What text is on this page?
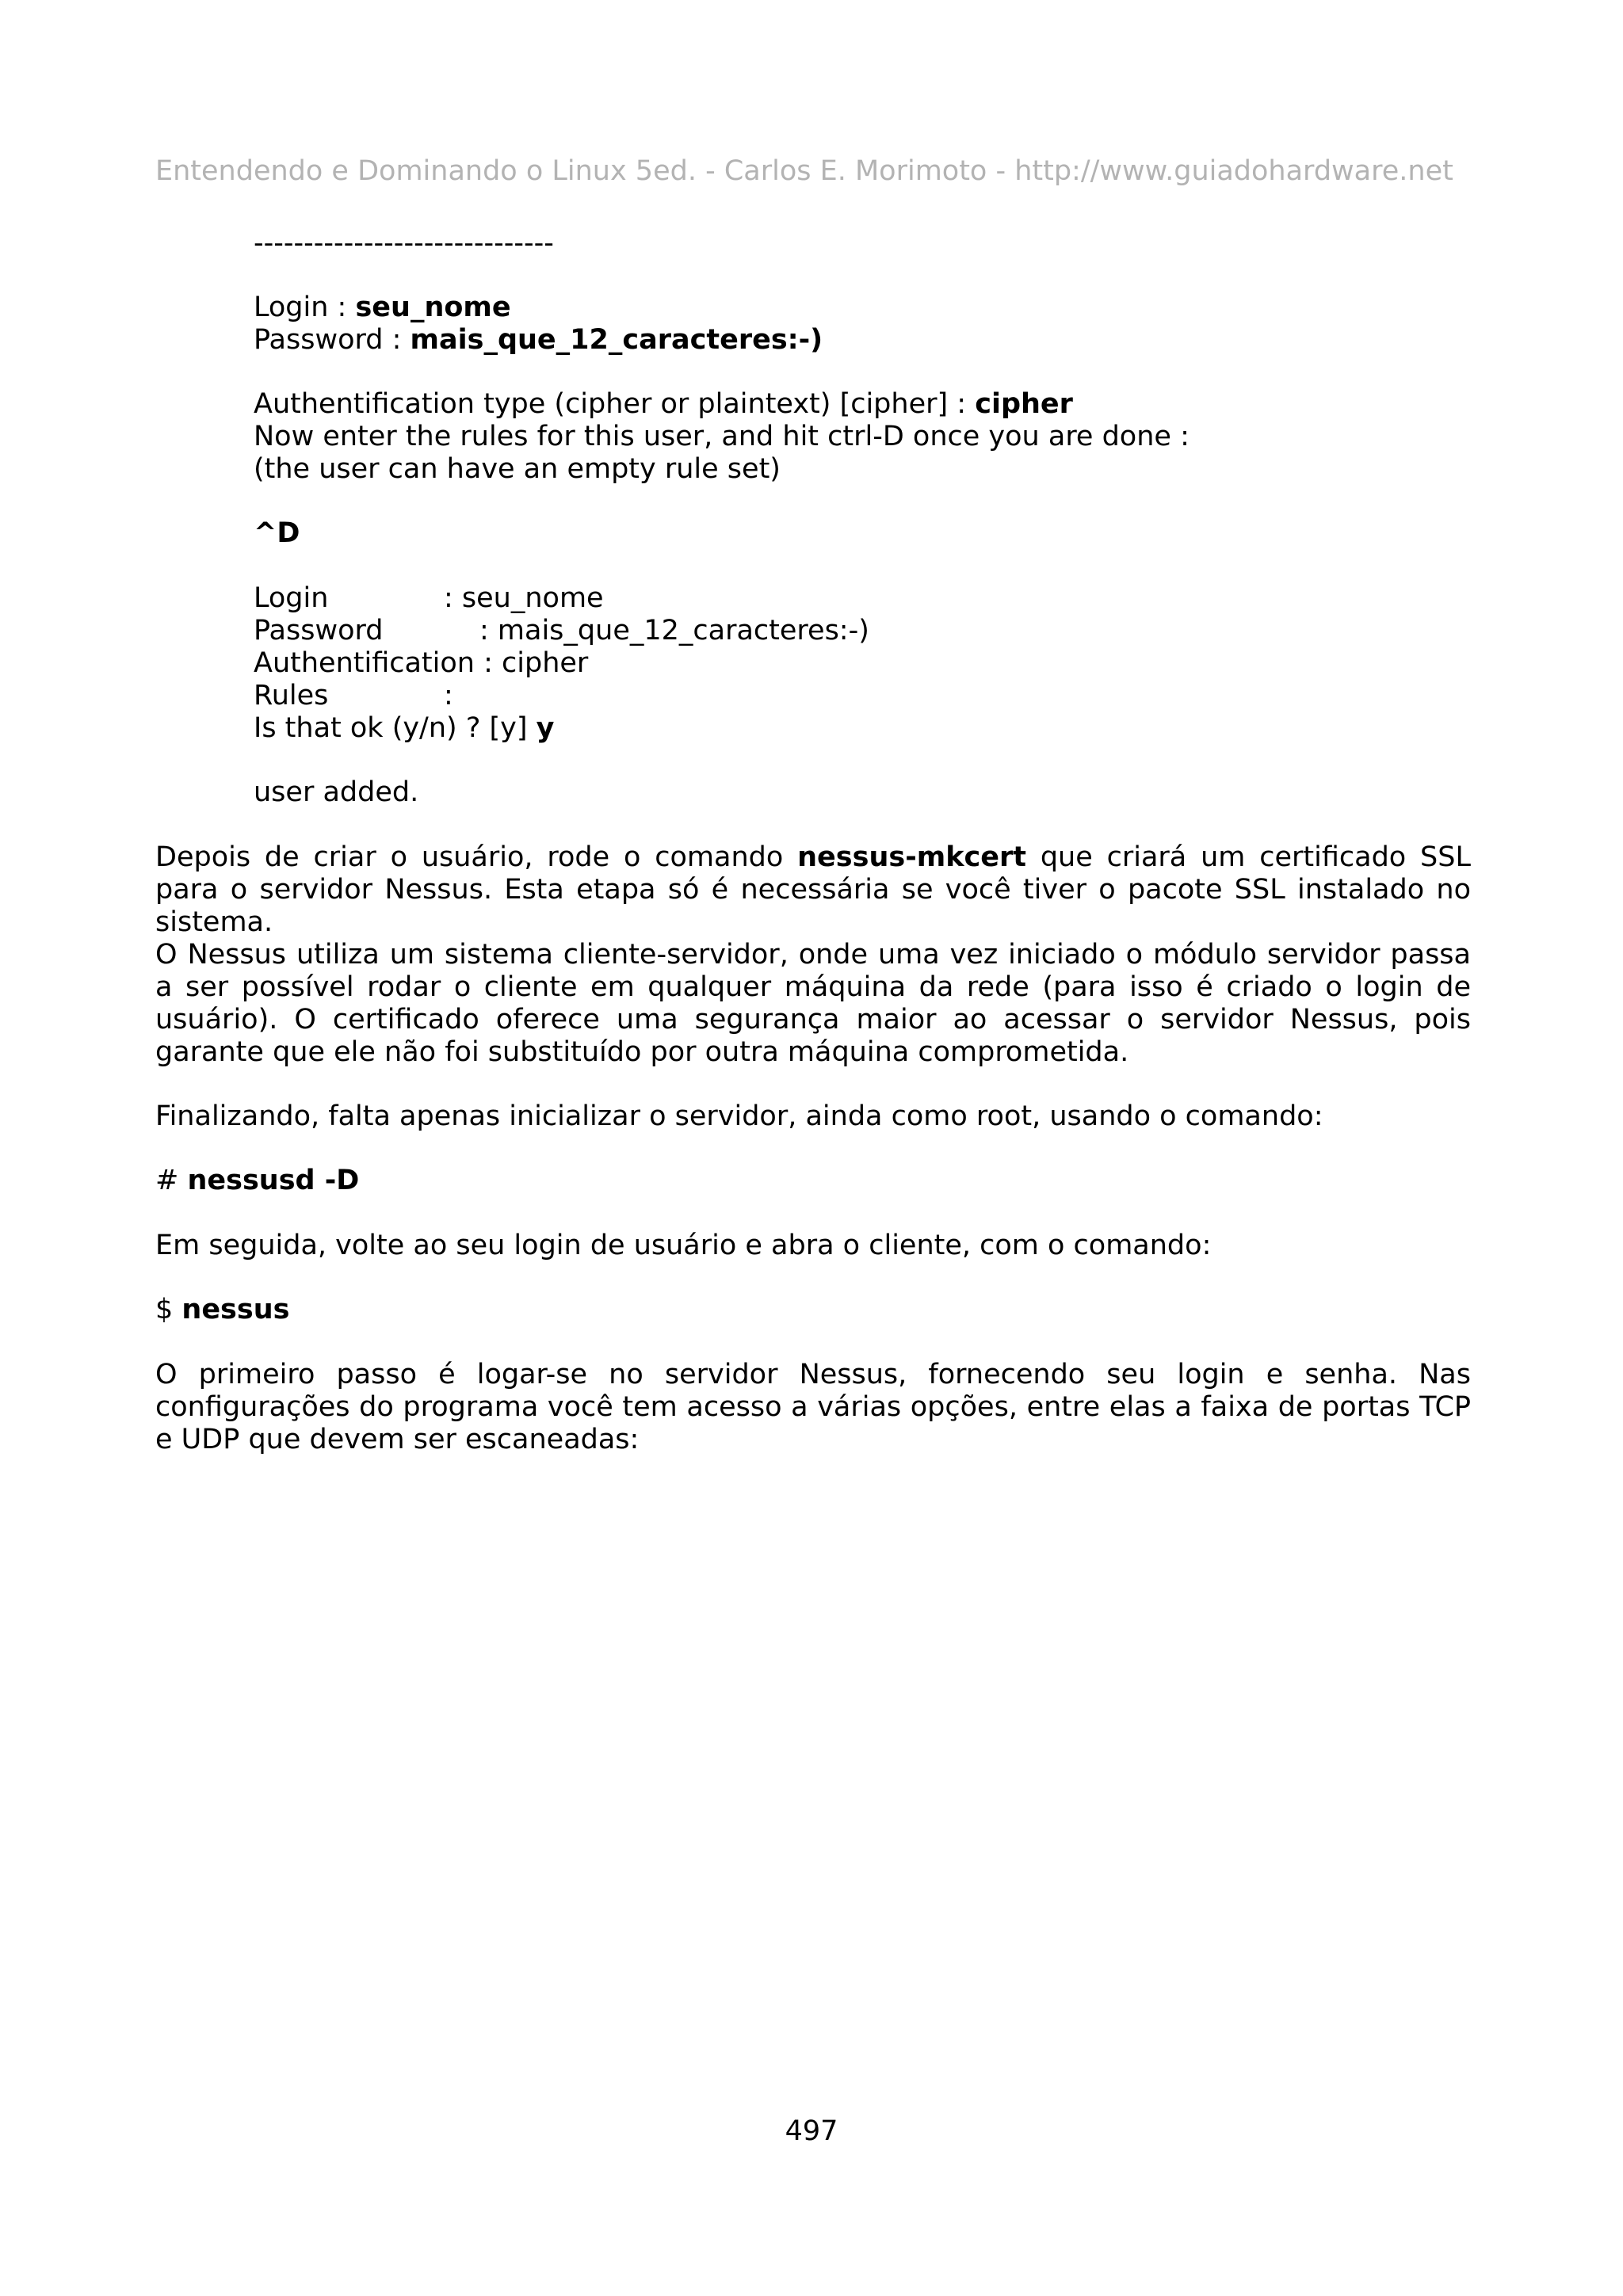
Entendendo e Dominando o Linux 5ed. - Carlos E. Morimoto - http://www.guiadohardware.net
------------------------------
Login : seu_nome
Password : mais_que_12_caracteres:-)
Authentification type (cipher or plaintext) [cipher] : cipher
Now enter the rules for this user, and hit ctrl-D once you are done :
(the user can have an empty rule set)
^D
Login	: seu_nome
Password	: mais_que_12_caracteres:-)
Authentification : cipher
Rules	:
Is that ok (y/n) ? [y] y
user added.
Depois de criar o usuário, rode o comando nessus-mkcert que criará um certificado SSL para o servidor Nessus. Esta etapa só é necessária se você tiver o pacote SSL instalado no sistema.
O Nessus utiliza um sistema cliente-servidor, onde uma vez iniciado o módulo servidor passa a ser possível rodar o cliente em qualquer máquina da rede (para isso é criado o login de usuário). O certificado oferece uma segurança maior ao acessar o servidor Nessus, pois garante que ele não foi substituído por outra máquina comprometida.
Finalizando, falta apenas inicializar o servidor, ainda como root, usando o comando:
# nessusd -D
Em seguida, volte ao seu login de usuário e abra o cliente, com o comando:
$ nessus
O primeiro passo é logar-se no servidor Nessus, fornecendo seu login e senha. Nas configurações do programa você tem acesso a várias opções, entre elas a faixa de portas TCP e UDP que devem ser escaneadas:
497
